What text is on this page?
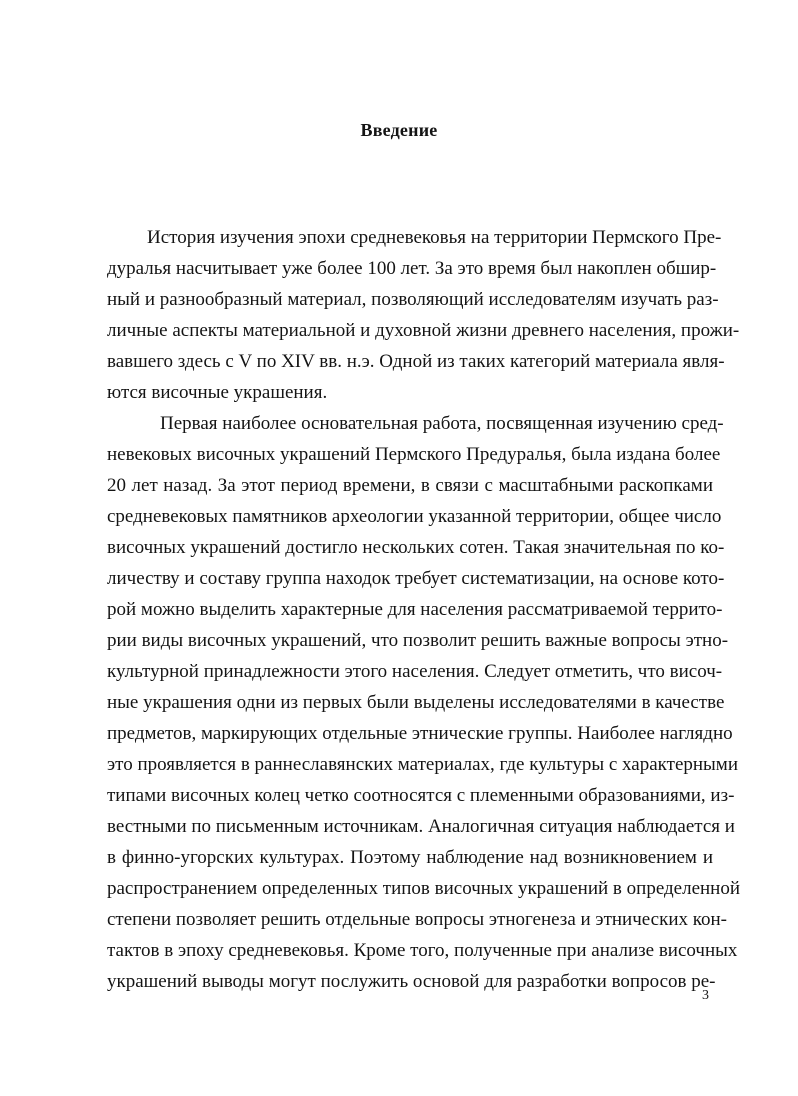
Введение
История изучения эпохи средневековья на территории Пермского Пре-
дуралья насчитывает уже более 100 лет. За это время был накоплен обшир-
ный и разнообразный материал, позволяющий исследователям изучать раз-
личные аспекты материальной и духовной жизни древнего населения, прожи-
вавшего здесь с V по XIV вв. н.э. Одной из таких категорий материала явля-
ются височные украшения.
Первая наиболее основательная работа, посвященная изучению сред-
невековых височных украшений Пермского Предуралья, была издана более
20 лет назад. За этот период времени, в связи с масштабными раскопками
средневековых памятников археологии указанной территории, общее число
височных украшений достигло нескольких сотен. Такая значительная по ко-
личеству и составу группа находок требует систематизации, на основе кото-
рой можно выделить характерные для населения рассматриваемой террито-
рии виды височных украшений, что позволит решить важные вопросы этно-
культурной принадлежности этого населения. Следует отметить, что височ-
ные украшения одни из первых были выделены исследователями в качестве
предметов, маркирующих отдельные этнические группы. Наиболее наглядно
это проявляется в раннеславянских материалах, где культуры с характерными
типами височных колец четко соотносятся с племенными образованиями, из-
вестными по письменным источникам. Аналогичная ситуация наблюдается и
в финно-угорских культурах. Поэтому наблюдение над возникновением и
распространением определенных типов височных украшений в определенной
степени позволяет решить отдельные вопросы этногенеза и этнических кон-
тактов в эпоху средневековья. Кроме того, полученные при анализе височных
украшений выводы могут послужить основой для разработки вопросов ре-
3
